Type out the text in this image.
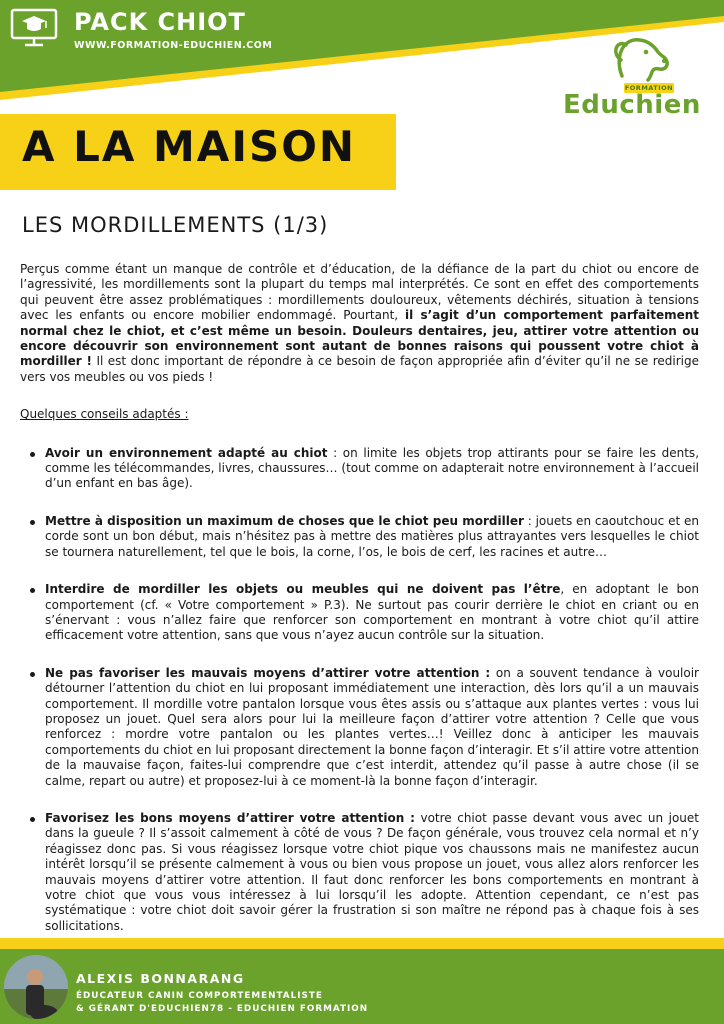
PACK CHIOT
WWW.FORMATION-EDUCHIEN.COM
FORMATION
Educhien
A LA MAISON
LES MORDILLEMENTS (1/3)

Perçus comme étant un manque de contrôle et d’éducation, de la défiance de la part du chiot ou encore de l’agressivité, les mordillements sont la plupart du temps mal interprétés. Ce sont en effet des comportements qui peuvent être assez problématiques : mordillements douloureux, vêtements déchirés, situation à tensions avec les enfants ou encore mobilier endommagé. Pourtant, il s’agit d’un comportement parfaitement normal chez le chiot, et c’est même un besoin. Douleurs dentaires, jeu, attirer votre attention ou encore découvrir son environnement sont autant de bonnes raisons qui poussent votre chiot à mordiller ! Il est donc important de répondre à ce besoin de façon appropriée afin d’éviter qu’il ne se redirige vers vos meubles ou vos pieds !

Quelques conseils adaptés :

Avoir un environnement adapté au chiot : on limite les objets trop attirants pour se faire les dents, comme les télécommandes, livres, chaussures… (tout comme on adapterait notre environnement à l’accueil d’un enfant en bas âge).
Mettre à disposition un maximum de choses que le chiot peu mordiller : jouets en caoutchouc et en corde sont un bon début, mais n’hésitez pas à mettre des matières plus attrayantes vers lesquelles le chiot se tournera naturellement, tel que le bois, la corne, l’os, le bois de cerf, les racines et autre…
Interdire de mordiller les objets ou meubles qui ne doivent pas l’être, en adoptant le bon comportement (cf. « Votre comportement » P.3). Ne surtout pas courir derrière le chiot en criant ou en s’énervant : vous n’allez faire que renforcer son comportement en montrant à votre chiot qu’il attire efficacement votre attention, sans que vous n’ayez aucun contrôle sur la situation.
Ne pas favoriser les mauvais moyens d’attirer votre attention : on a souvent tendance à vouloir détourner l’attention du chiot en lui proposant immédiatement une interaction, dès lors qu’il a un mauvais comportement. Il mordille votre pantalon lorsque vous êtes assis ou s’attaque aux plantes vertes : vous lui proposez un jouet. Quel sera alors pour lui la meilleure façon d’attirer votre attention ? Celle que vous renforcez : mordre votre pantalon ou les plantes vertes…! Veillez donc à anticiper les mauvais comportements du chiot en lui proposant directement la bonne façon d’interagir. Et s’il attire votre attention de la mauvaise façon, faites-lui comprendre que c’est interdit, attendez qu’il passe à autre chose (il se calme, repart ou autre) et proposez-lui à ce moment-là la bonne façon d’interagir.
Favorisez les bons moyens d’attirer votre attention : votre chiot passe devant vous avec un jouet dans la gueule ? Il s’assoit calmement à côté de vous ? De façon générale, vous trouvez cela normal et n’y réagissez donc pas. Si vous réagissez lorsque votre chiot pique vos chaussons mais ne manifestez aucun intérêt lorsqu’il se présente calmement à vous ou bien vous propose un jouet, vous allez alors renforcer les mauvais moyens d’attirer votre attention. Il faut donc renforcer les bons comportements en montrant à votre chiot que vous vous intéressez à lui lorsqu’il les adopte. Attention cependant, ce n’est pas systématique : votre chiot doit savoir gérer la frustration si son maître ne répond pas à chaque fois à ses sollicitations.
ALEXIS BONNARANG
ÉDUCATEUR CANIN COMPORTEMENTALISTE
& GÉRANT D'EDUCHIEN78 - EDUCHIEN FORMATION
